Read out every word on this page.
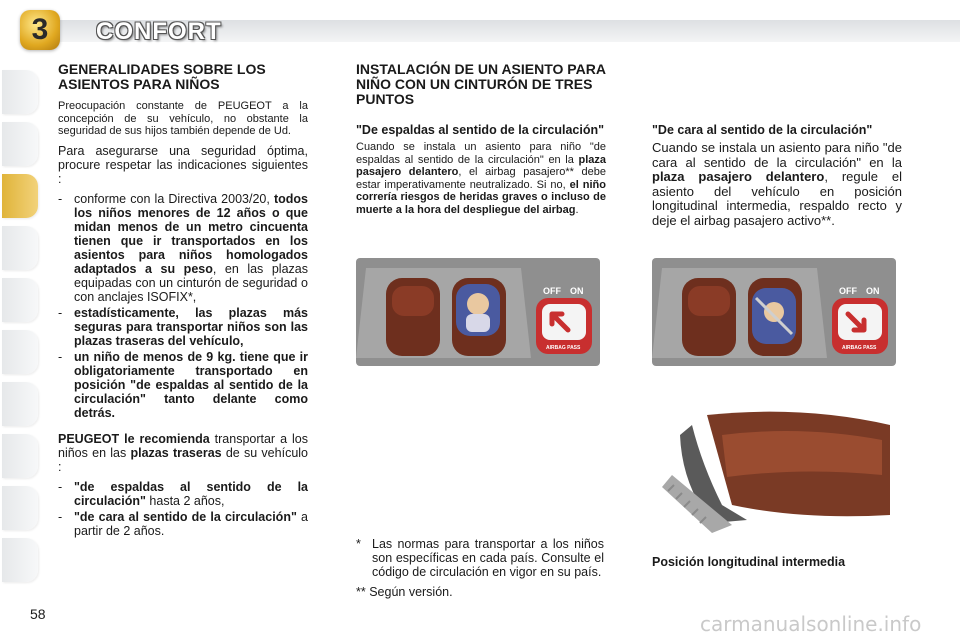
3	CONFORT
GENERALIDADES SOBRE LOS ASIENTOS PARA NIÑOS

Preocupación constante de PEUGEOT a la concepción de su vehículo, no obstante la seguridad de sus hijos también depende de Ud.

Para asegurarse una seguridad óptima, procure respetar las indicaciones siguientes :

- conforme con la Directiva 2003/20, todos los niños menores de 12 años o que midan menos de un metro cincuenta tienen que ir transportados en los asientos para niños homologados adaptados a su peso, en las plazas equipadas con un cinturón de seguridad o con anclajes ISOFIX*,
- estadísticamente, las plazas más seguras para transportar niños son las plazas traseras del vehículo,
- un niño de menos de 9 kg. tiene que ir obligatoriamente transportado en posición "de espaldas al sentido de la circulación" tanto delante como detrás.

PEUGEOT le recomienda transportar a los niños en las plazas traseras de su vehículo :

- "de espaldas al sentido de la circulación" hasta 2 años,
- "de cara al sentido de la circulación" a partir de 2 años.
INSTALACIÓN DE UN ASIENTO PARA NIÑO CON UN CINTURÓN DE TRES PUNTOS
"De espaldas al sentido de la circulación"

Cuando se instala un asiento para niño "de espaldas al sentido de la circulación" en la plaza pasajero delantero, el airbag pasajero** debe estar imperativamente neutralizado. Si no, el niño correría riesgos de heridas graves o incluso de muerte a la hora del despliegue del airbag.

"De cara al sentido de la circulación"

Cuando se instala un asiento para niño "de cara al sentido de la circulación" en la plaza pasajero delantero, regule el asiento del vehículo en posición longitudinal intermedia, respaldo recto y deje el airbag pasajero activo**.

OFF ON
AIRBAG PASS
OFF ON
AIRBAG PASS
Posición longitudinal intermedia
* Las normas para transportar a los niños son específicas en cada país. Consulte el código de circulación en vigor en su país.
** Según versión.
58	carmanualsonline.info
